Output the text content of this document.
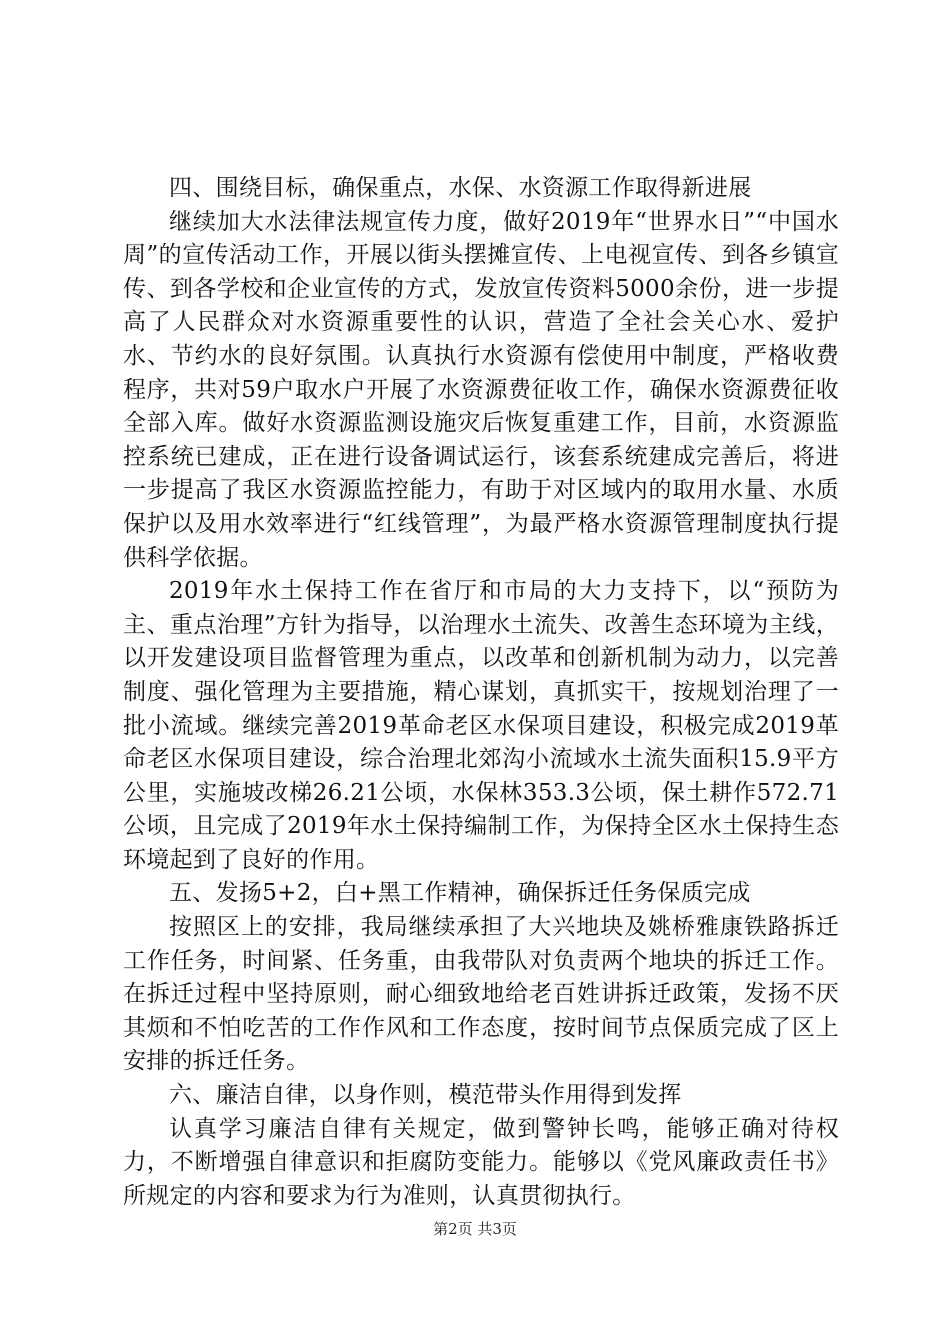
四、围绕目标，确保重点，水保、水资源工作取得新进展

继续加大水法律法规宣传力度，做好2019年“世界水日”“中国水周”的宣传活动工作，开展以街头摆摊宣传、上电视宣传、到各乡镇宣传、到各学校和企业宣传的方式，发放宣传资料5000余份，进一步提高了人民群众对水资源重要性的认识，营造了全社会关心水、爱护水、节约水的良好氛围。认真执行水资源有偿使用中制度，严格收费程序，共对59户取水户开展了水资源费征收工作，确保水资源费征收全部入库。做好水资源监测设施灾后恢复重建工作，目前，水资源监控系统已建成，正在进行设备调试运行，该套系统建成完善后，将进一步提高了我区水资源监控能力，有助于对区域内的取用水量、水质保护以及用水效率进行“红线管理”，为最严格水资源管理制度执行提供科学依据。

2019年水土保持工作在省厅和市局的大力支持下，以“预防为主、重点治理”方针为指导，以治理水土流失、改善生态环境为主线，以开发建设项目监督管理为重点，以改革和创新机制为动力，以完善制度、强化管理为主要措施，精心谋划，真抓实干，按规划治理了一批小流域。继续完善2019革命老区水保项目建设，积极完成2019革命老区水保项目建设，综合治理北郊沟小流域水土流失面积15.9平方公里，实施坡改梯26.21公顷，水保林353.3公顷，保土耕作572.71公顷，且完成了2019年水土保持编制工作，为保持全区水土保持生态环境起到了良好的作用。

五、发扬5+2，白+黑工作精神，确保拆迁任务保质完成

按照区上的安排，我局继续承担了大兴地块及姚桥雅康铁路拆迁工作任务，时间紧、任务重，由我带队对负责两个地块的拆迁工作。在拆迁过程中坚持原则，耐心细致地给老百姓讲拆迁政策，发扬不厌其烦和不怕吃苦的工作作风和工作态度，按时间节点保质完成了区上安排的拆迁任务。

六、廉洁自律，以身作则，模范带头作用得到发挥

认真学习廉洁自律有关规定，做到警钟长鸣，能够正确对待权力，不断增强自律意识和拒腐防变能力。能够以《党风廉政责任书》所规定的内容和要求为行为准则，认真贯彻执行。

第2页 共3页
